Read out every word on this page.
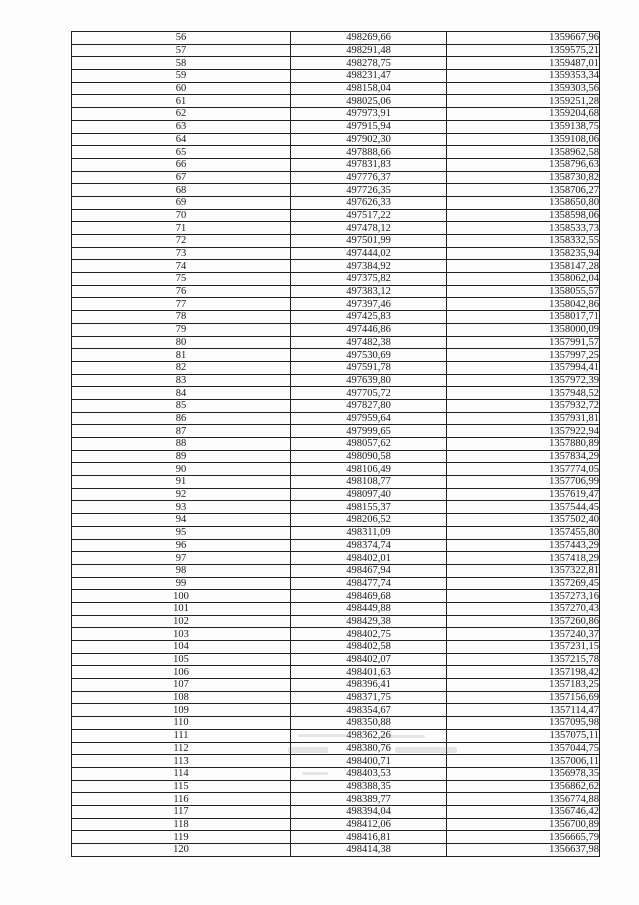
56	498269,66	1359667,96
57	498291,48	1359575,21
58	498278,75	1359487,01
59	498231,47	1359353,34
60	498158,04	1359303,56
61	498025,06	1359251,28
62	497973,91	1359204,68
63	497915,94	1359138,75
64	497902,30	1359108,06
65	497888,66	1358962,58
66	497831,83	1358796,63
67	497776,37	1358730,82
68	497726,35	1358706,27
69	497626,33	1358650,80
70	497517,22	1358598,06
71	497478,12	1358533,73
72	497501,99	1358332,55
73	497444,02	1358235,94
74	497384,92	1358147,28
75	497375,82	1358062,04
76	497383,12	1358055,57
77	497397,46	1358042,86
78	497425,83	1358017,71
79	497446,86	1358000,09
80	497482,38	1357991,57
81	497530,69	1357997,25
82	497591,78	1357994,41
83	497639,80	1357972,39
84	497705,72	1357948,52
85	497827,80	1357932,72
86	497959,64	1357931,81
87	497999,65	1357922,94
88	498057,62	1357880,89
89	498090,58	1357834,29
90	498106,49	1357774,05
91	498108,77	1357706,99
92	498097,40	1357619,47
93	498155,37	1357544,45
94	498206,52	1357502,40
95	498311,09	1357455,80
96	498374,74	1357443,29
97	498402,01	1357418,29
98	498467,94	1357322,81
99	498477,74	1357269,45
100	498469,68	1357273,16
101	498449,88	1357270,43
102	498429,38	1357260,86
103	498402,75	1357240,37
104	498402,58	1357231,15
105	498402,07	1357215,78
106	498401,63	1357198,42
107	498396,41	1357183,25
108	498371,75	1357156,69
109	498354,67	1357114,47
110	498350,88	1357095,98
111	498362,26	1357075,11
112	498380,76	1357044,75
113	498400,71	1357006,11
114	498403,53	1356978,35
115	498388,35	1356862,62
116	498389,77	1356774,88
117	498394,04	1356746,42
118	498412,06	1356700,89
119	498416,81	1356665,79
120	498414,38	1356637,98
